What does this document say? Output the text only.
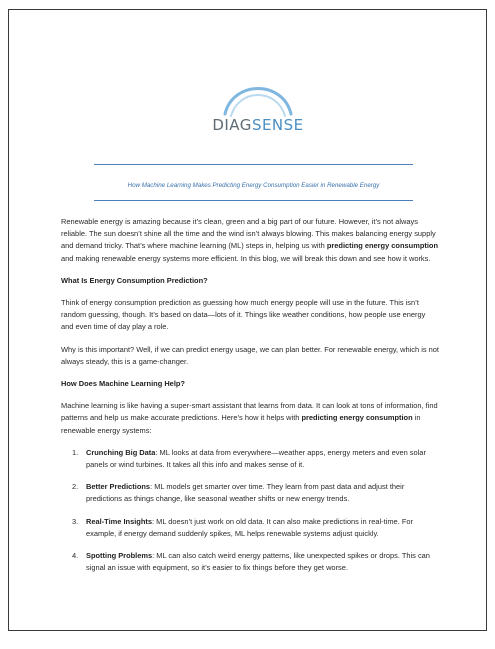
DIAGSENSE
How Machine Learning Makes Predicting Energy Consumption Easier in Renewable Energy

Renewable energy is amazing because it’s clean, green and a big part of our future. However, it’s not always reliable. The sun doesn’t shine all the time and the wind isn’t always blowing. This makes balancing energy supply and demand tricky. That’s where machine learning (ML) steps in, helping us with predicting energy consumption and making renewable energy systems more efficient. In this blog, we will break this down and see how it works.

What Is Energy Consumption Prediction?

Think of energy consumption prediction as guessing how much energy people will use in the future. This isn’t random guessing, though. It’s based on data—lots of it. Things like weather conditions, how people use energy and even time of day play a role.

Why is this important? Well, if we can predict energy usage, we can plan better. For renewable energy, which is not always steady, this is a game-changer.

How Does Machine Learning Help?

Machine learning is like having a super-smart assistant that learns from data. It can look at tons of information, find patterns and help us make accurate predictions. Here’s how it helps with predicting energy consumption in renewable energy systems:

1. Crunching Big Data: ML looks at data from everywhere—weather apps, energy meters and even solar panels or wind turbines. It takes all this info and makes sense of it.
2. Better Predictions: ML models get smarter over time. They learn from past data and adjust their predictions as things change, like seasonal weather shifts or new energy trends.
3. Real-Time Insights: ML doesn’t just work on old data. It can also make predictions in real-time. For example, if energy demand suddenly spikes, ML helps renewable systems adjust quickly.
4. Spotting Problems: ML can also catch weird energy patterns, like unexpected spikes or drops. This can signal an issue with equipment, so it’s easier to fix things before they get worse.
